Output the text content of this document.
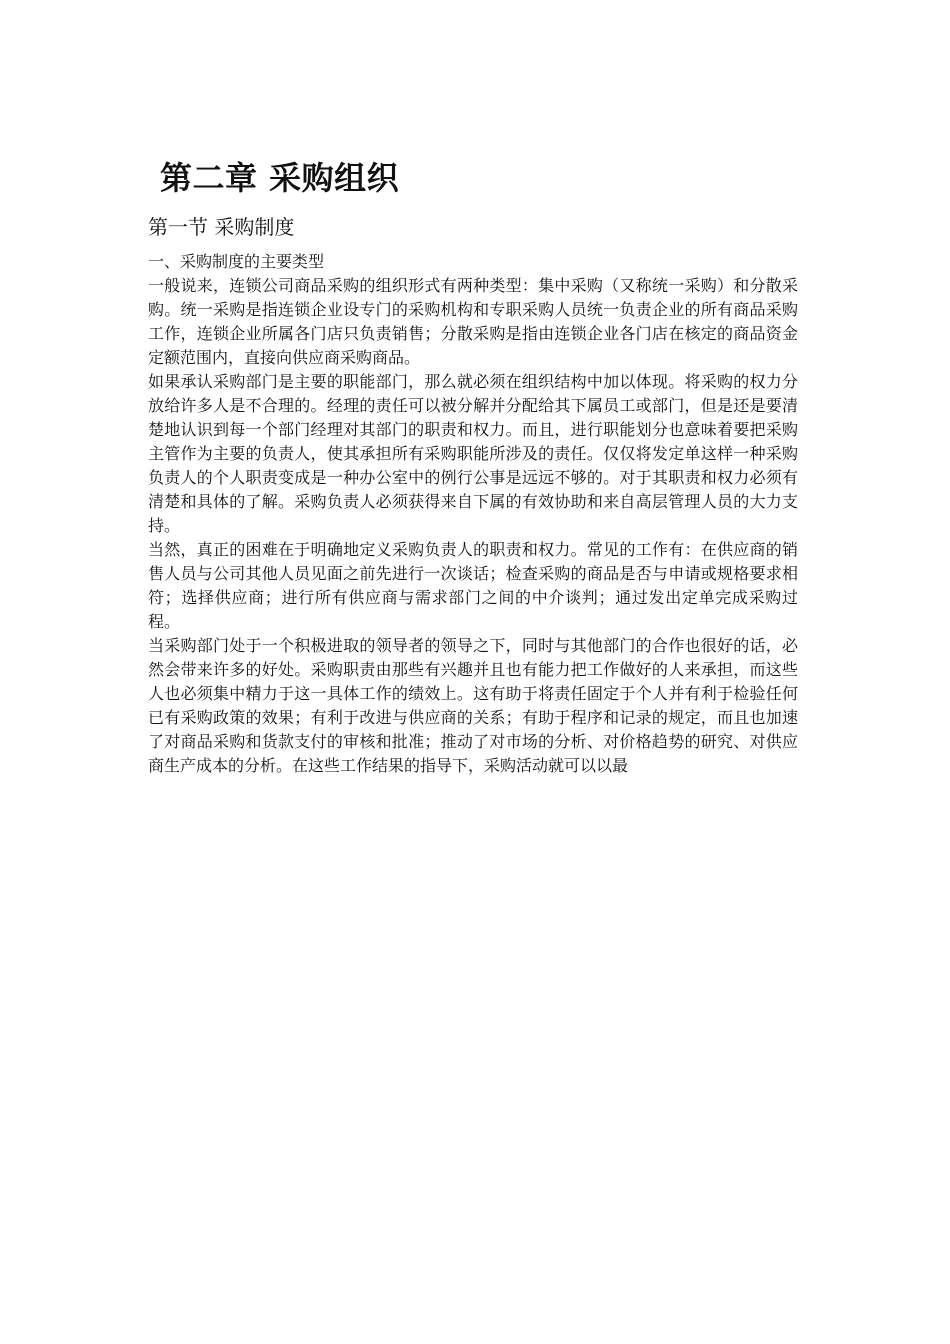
第二章 采购组织
第一节 采购制度
一、采购制度的主要类型

一般说来，连锁公司商品采购的组织形式有两种类型：集中采购（又称统一采购）和分散采购。统一采购是指连锁企业设专门的采购机构和专职采购人员统一负责企业的所有商品采购工作，连锁企业所属各门店只负责销售；分散采购是指由连锁企业各门店在核定的商品资金定额范围内，直接向供应商采购商品。

如果承认采购部门是主要的职能部门，那么就必须在组织结构中加以体现。将采购的权力分放给许多人是不合理的。经理的责任可以被分解并分配给其下属员工或部门，但是还是要清楚地认识到每一个部门经理对其部门的职责和权力。而且，进行职能划分也意味着要把采购主管作为主要的负责人，使其承担所有采购职能所涉及的责任。仅仅将发定单这样一种采购负责人的个人职责变成是一种办公室中的例行公事是远远不够的。对于其职责和权力必须有清楚和具体的了解。采购负责人必须获得来自下属的有效协助和来自高层管理人员的大力支持。

当然，真正的困难在于明确地定义采购负责人的职责和权力。常见的工作有：在供应商的销售人员与公司其他人员见面之前先进行一次谈话；检查采购的商品是否与申请或规格要求相符；选择供应商；进行所有供应商与需求部门之间的中介谈判；通过发出定单完成采购过程。

当采购部门处于一个积极进取的领导者的领导之下，同时与其他部门的合作也很好的话，必然会带来许多的好处。采购职责由那些有兴趣并且也有能力把工作做好的人来承担，而这些人也必须集中精力于这一具体工作的绩效上。这有助于将责任固定于个人并有利于检验任何已有采购政策的效果；有利于改进与供应商的关系；有助于程序和记录的规定，而且也加速了对商品采购和货款支付的审核和批准；推动了对市场的分析、对价格趋势的研究、对供应商生产成本的分析。在这些工作结果的指导下，采购活动就可以以最
